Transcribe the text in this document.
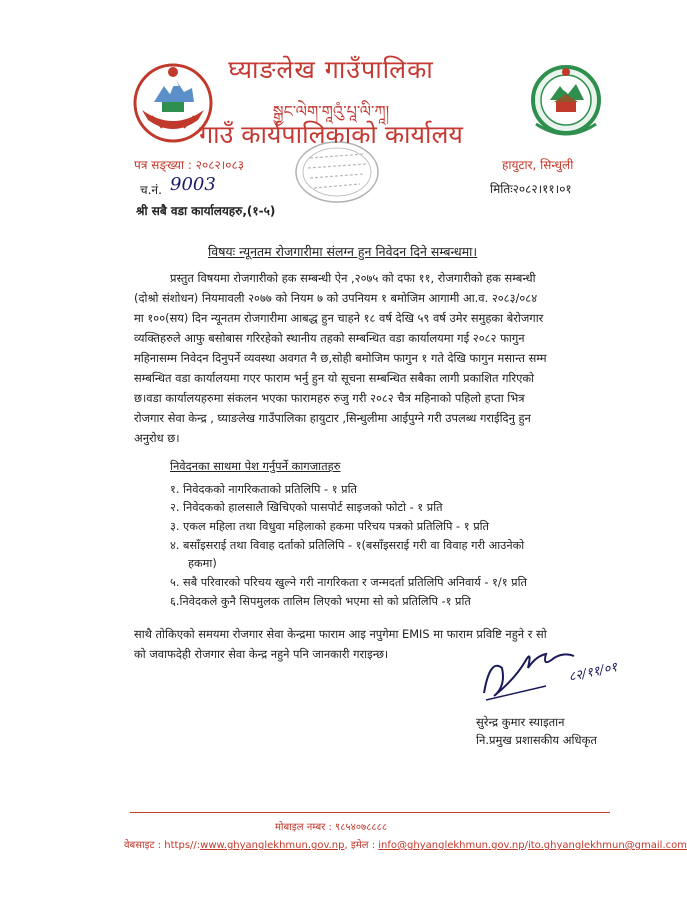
घ्याङलेख गाउँपालिका
སྒྱང་ལེག་གཱའུཾ་པཱ་ལི་ཀཱ།
गाउँ कार्यपालिकाको कार्यालय
पत्र सङ्ख्या : २०८२।०८३
च.नं. 9003
हायुटार, सिन्धुली
मितिः२०८२।११।०१
श्री सबै वडा कार्यालयहरु,(१-५)
विषयः न्यूनतम रोजगारीमा संलग्न हुन निवेदन दिने सम्बन्धमा।
प्रस्तुत विषयमा रोजगारीको हक सम्बन्धी ऐन ,२०७५ को दफा ११, रोजगारीको हक सम्बन्धी
(दोश्रो संशोधन) नियमावली २०७७ को नियम ७ को उपनियम १ बमोजिम आगामी आ.व. २०८३/०८४
मा १००(सय) दिन न्यूनतम रोजगारीमा आबद्ध हुन चाहने १८ वर्ष देखि ५९ वर्ष उमेर समुहका बेरोजगार
व्यक्तिहरुले आफु बसोबास गरिरहेको स्थानीय तहको सम्बन्धित वडा कार्यालयमा गई २०८२ फागुन
महिनासम्म निवेदन दिनुपर्ने व्यवस्था अवगत नै छ,सोही बमोजिम फागुन १ गते देखि फागुन मसान्त सम्म
सम्बन्धित वडा कार्यालयमा गएर फाराम भर्नु हुन यो सूचना सम्बन्धित सबैका लागी प्रकाशित गरिएको
छ।वडा कार्यालयहरुमा संकलन भएका फारामहरु रुजु गरी २०८२ चैत्र महिनाको पहिलो हप्ता भित्र
रोजगार सेवा केन्द्र , घ्याङलेख गाउँपालिका हायुटार ,सिन्धुलीमा आईपुग्ने गरी उपलब्ध गराईदिनु हुन
अनुरोध छ।
निवेदनका साथमा पेश गर्नुपर्ने कागजातहरु
१. निवेदकको नागरिकताको प्रतिलिपि - १ प्रति
२. निवेदकको हालसालै खिचिएको पासपोर्ट साइजको फोटो - १ प्रति
३. एकल महिला तथा विधुवा महिलाको हकमा परिचय पत्रको प्रतिलिपि - १ प्रति
४. बसाँइसराई तथा विवाह दर्ताको प्रतिलिपि - १(बसाँइसराई गरी वा विवाह गरी आउनेको
हकमा)
५. सबै परिवारको परिचय खुल्ने गरी नागरिकता र जन्मदर्ता प्रतिलिपि अनिवार्य - १/१ प्रति
६.निवेदकले कुनै सिपमुलक तालिम लिएको भएमा सो को प्रतिलिपि -१ प्रति
साथै तोकिएको समयमा रोजगार सेवा केन्द्रमा फाराम आइ नपुगेमा EMIS मा फाराम प्रविष्टि नहुने र सो
को जवाफदेही रोजगार सेवा केन्द्र नहुने पनि जानकारी गराइन्छ।
८२/११/०१
सुरेन्द्र कुमार स्याइतान
नि.प्रमुख प्रशासकीय अधिकृत
मोबाइल नम्बर : ९८५४०७८८८८
वेबसाइट : https//:www.ghyanglekhmun.gov.np, इमेल : info@ghyanglekhmun.gov.np/ito.ghyanglekhmun@gmail.com
